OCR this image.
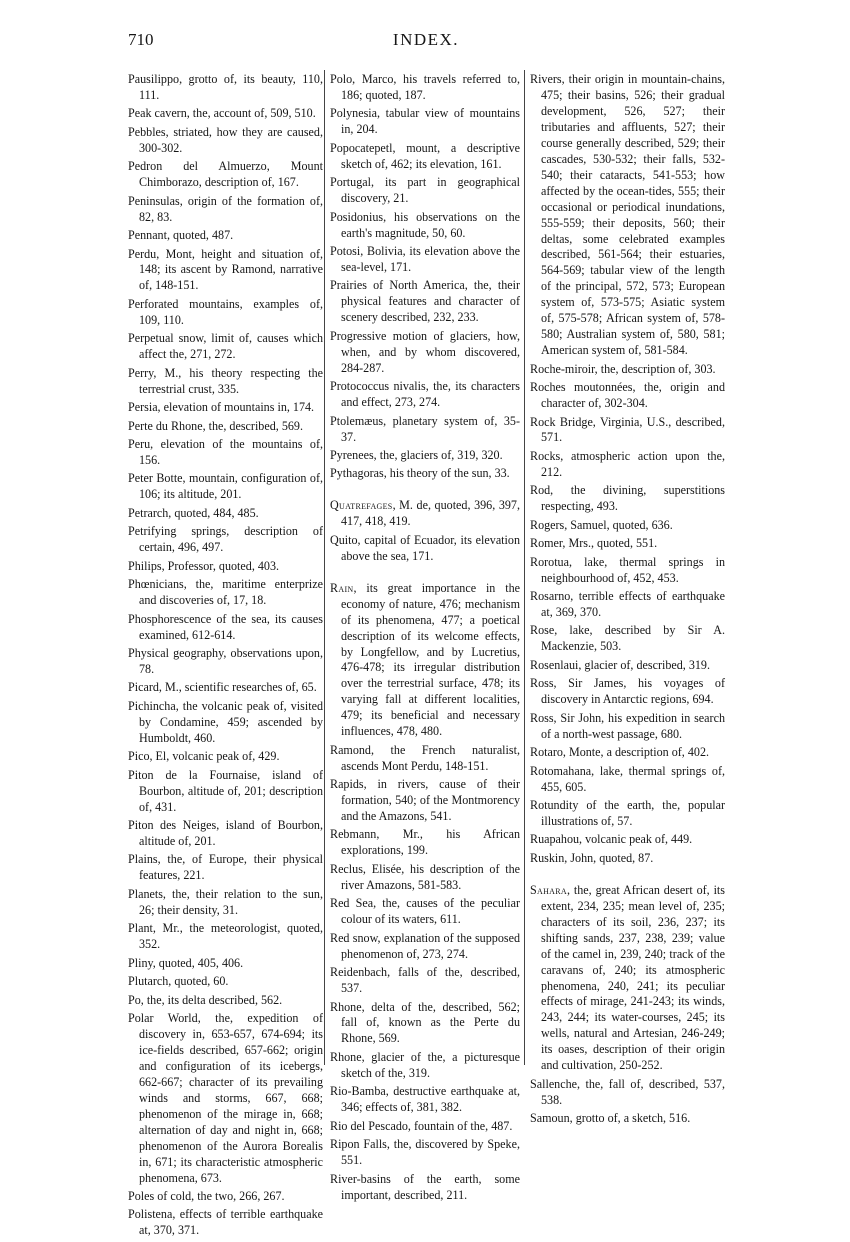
710	INDEX.
Pausilippo, grotto of, its beauty, 110, 111.
Peak cavern, the, account of, 509, 510.
Pebbles, striated, how they are caused, 300-302.
Pedron del Almuerzo, Mount Chimborazo, description of, 167.
Peninsulas, origin of the formation of, 82, 83.
Pennant, quoted, 487.
Perdu, Mont, height and situation of, 148; its ascent by Ramond, narrative of, 148-151.
Perforated mountains, examples of, 109, 110.
Perpetual snow, limit of, causes which affect the, 271, 272.
Perry, M., his theory respecting the terrestrial crust, 335.
Persia, elevation of mountains in, 174.
Perte du Rhone, the, described, 569.
Peru, elevation of the mountains of, 156.
Peter Botte, mountain, configuration of, 106; its altitude, 201.
Petrarch, quoted, 484, 485.
Petrifying springs, description of certain, 496, 497.
Philips, Professor, quoted, 403.
Phœnicians, the, maritime enterprize and discoveries of, 17, 18.
Phosphorescence of the sea, its causes examined, 612-614.
Physical geography, observations upon, 78.
Picard, M., scientific researches of, 65.
Pichincha, the volcanic peak of, visited by Condamine, 459; ascended by Humboldt, 460.
Pico, El, volcanic peak of, 429.
Piton de la Fournaise, island of Bourbon, altitude of, 201; description of, 431.
Piton des Neiges, island of Bourbon, altitude of, 201.
Plains, the, of Europe, their physical features, 221.
Planets, the, their relation to the sun, 26; their density, 31.
Plant, Mr., the meteorologist, quoted, 352.
Pliny, quoted, 405, 406.
Plutarch, quoted, 60.
Po, the, its delta described, 562.
Polar World, the, expedition of discovery in, 653-657, 674-694; its ice-fields described, 657-662; origin and configuration of its icebergs, 662-667; character of its prevailing winds and storms, 667, 668; phenomenon of the mirage in, 668; alternation of day and night in, 668; phenomenon of the Aurora Borealis in, 671; its characteristic atmospheric phenomena, 673.
Poles of cold, the two, 266, 267.
Polistena, effects of terrible earthquake at, 370, 371.
Polo, Marco, his travels referred to, 186; quoted, 187.
Polynesia, tabular view of mountains in, 204.
Popocatepetl, mount, a descriptive sketch of, 462; its elevation, 161.
Portugal, its part in geographical discovery, 21.
Posidonius, his observations on the earth's magnitude, 50, 60.
Potosi, Bolivia, its elevation above the sea-level, 171.
Prairies of North America, the, their physical features and character of scenery described, 232, 233.
Progressive motion of glaciers, how, when, and by whom discovered, 284-287.
Protococcus nivalis, the, its characters and effect, 273, 274.
Ptolemæus, planetary system of, 35-37.
Pyrenees, the, glaciers of, 319, 320.
Pythagoras, his theory of the sun, 33.
Quatrefages, M. de, quoted, 396, 397, 417, 418, 419.
Quito, capital of Ecuador, its elevation above the sea, 171.
Rain, its great importance in the economy of nature, 476; mechanism of its phenomena, 477; a poetical description of its welcome effects, by Longfellow, and by Lucretius, 476-478; its irregular distribution over the terrestrial surface, 478; its varying fall at different localities, 479; its beneficial and necessary influences, 478, 480.
Ramond, the French naturalist, ascends Mont Perdu, 148-151.
Rapids, in rivers, cause of their formation, 540; of the Montmorency and the Amazons, 541.
Rebmann, Mr., his African explorations, 199.
Reclus, Elisée, his description of the river Amazons, 581-583.
Red Sea, the, causes of the peculiar colour of its waters, 611.
Red snow, explanation of the supposed phenomenon of, 273, 274.
Reidenbach, falls of the, described, 537.
Rhone, delta of the, described, 562; fall of, known as the Perte du Rhone, 569.
Rhone, glacier of the, a picturesque sketch of the, 319.
Rio-Bamba, destructive earthquake at, 346; effects of, 381, 382.
Rio del Pescado, fountain of the, 487.
Ripon Falls, the, discovered by Speke, 551.
River-basins of the earth, some important, described, 211.
Rivers, their origin in mountain-chains, 475; their basins, 526; their gradual development, 526, 527; their tributaries and affluents, 527; their course generally described, 529; their cascades, 530-532; their falls, 532-540; their cataracts, 541-553; how affected by the ocean-tides, 555; their occasional or periodical inundations, 555-559; their deposits, 560; their deltas, some celebrated examples described, 561-564; their estuaries, 564-569; tabular view of the length of the principal, 572, 573; European system of, 573-575; Asiatic system of, 575-578; African system of, 578-580; Australian system of, 580, 581; American system of, 581-584.
Roche-miroir, the, description of, 303.
Roches moutonnées, the, origin and character of, 302-304.
Rock Bridge, Virginia, U.S., described, 571.
Rocks, atmospheric action upon the, 212.
Rod, the divining, superstitions respecting, 493.
Rogers, Samuel, quoted, 636.
Romer, Mrs., quoted, 551.
Rorotua, lake, thermal springs in neighbourhood of, 452, 453.
Rosarno, terrible effects of earthquake at, 369, 370.
Rose, lake, described by Sir A. Mackenzie, 503.
Rosenlaui, glacier of, described, 319.
Ross, Sir James, his voyages of discovery in Antarctic regions, 694.
Ross, Sir John, his expedition in search of a north-west passage, 680.
Rotaro, Monte, a description of, 402.
Rotomahana, lake, thermal springs of, 455, 605.
Rotundity of the earth, the, popular illustrations of, 57.
Ruapahou, volcanic peak of, 449.
Ruskin, John, quoted, 87.
Sahara, the, great African desert of, its extent, 234, 235; mean level of, 235; characters of its soil, 236, 237; its shifting sands, 237, 238, 239; value of the camel in, 239, 240; track of the caravans of, 240; its atmospheric phenomena, 240, 241; its peculiar effects of mirage, 241-243; its winds, 243, 244; its water-courses, 245; its wells, natural and Artesian, 246-249; its oases, description of their origin and cultivation, 250-252.
Sallenche, the, fall of, described, 537, 538.
Samoun, grotto of, a sketch, 516.
